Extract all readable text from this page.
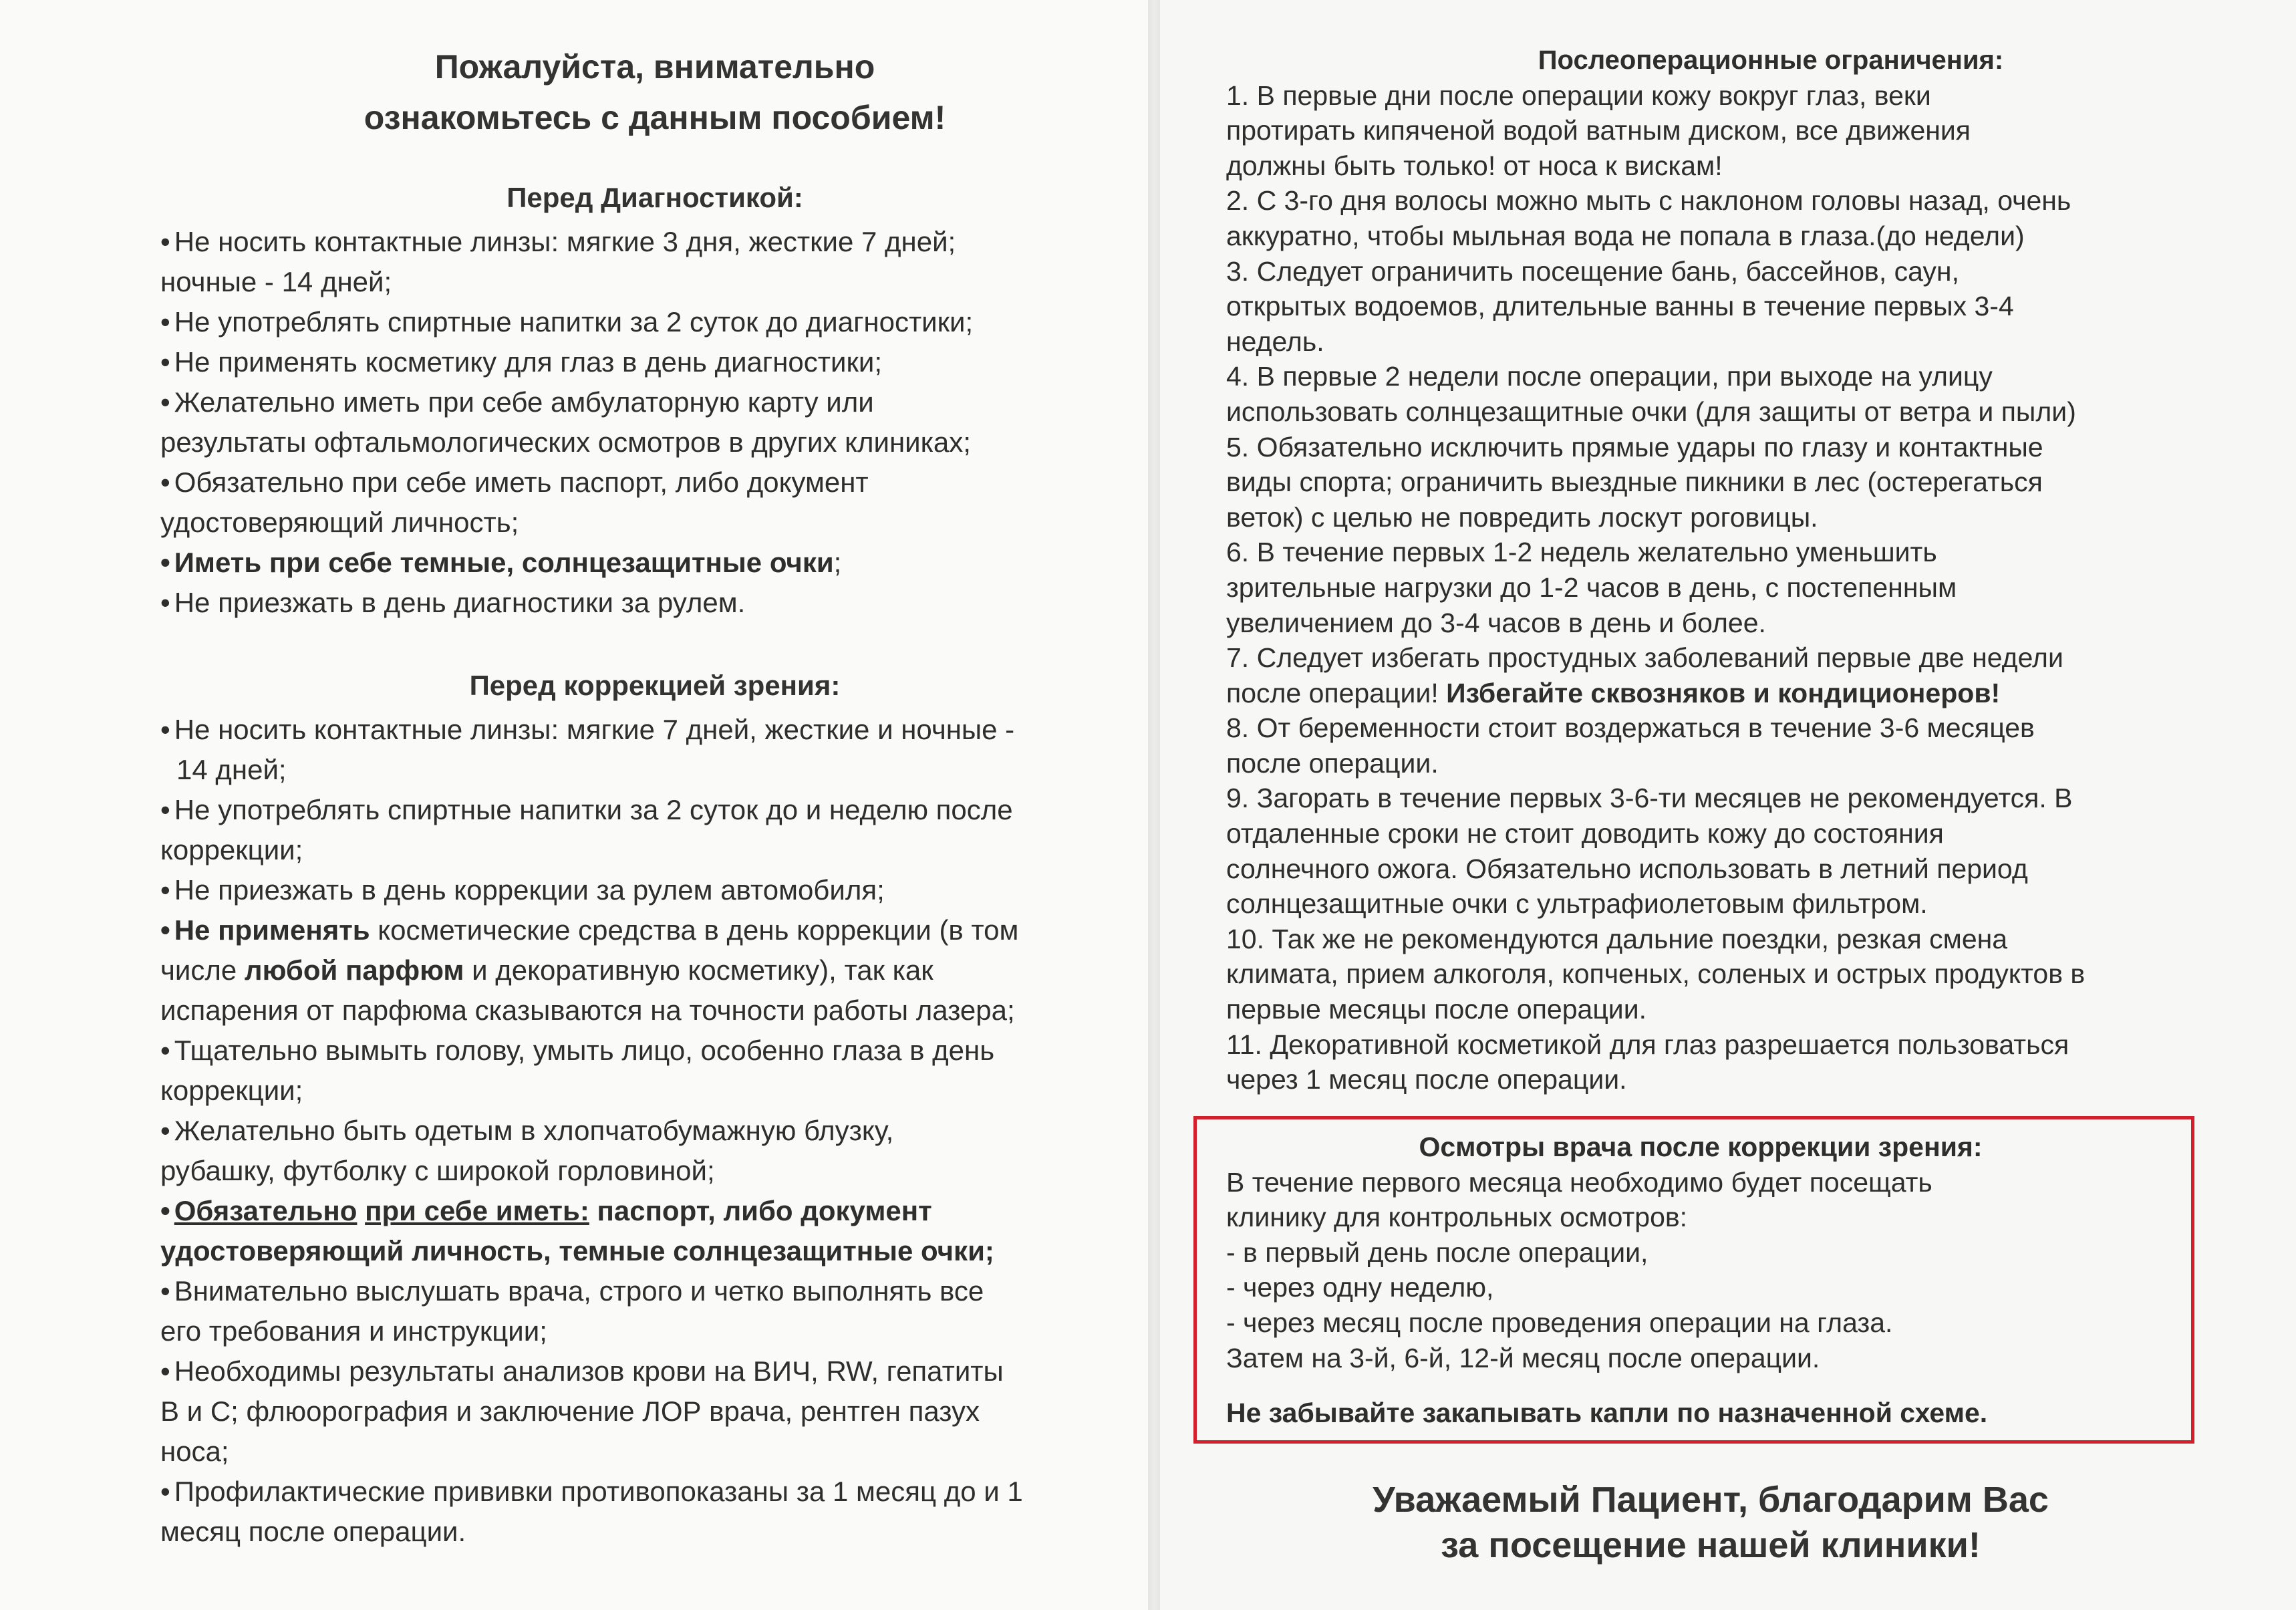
Пожалуйста, внимательно

ознакомьтесь с данным пособием!

Перед Диагностикой:
• Не носить контактные линзы: мягкие 3 дня, жесткие 7 дней;
ночные - 14 дней;
• Не употреблять спиртные напитки за 2 суток до диагностики;
• Не применять косметику для глаз в день диагностики;
• Желательно иметь при себе амбулаторную карту или
результаты офтальмологических осмотров в других клиниках;
• Обязательно при себе иметь паспорт, либо документ
удостоверяющий личность;
• Иметь при себе темные, солнцезащитные очки;
• Не приезжать в день диагностики за рулем.
Перед коррекцией зрения:
• Не носить контактные линзы: мягкие 7 дней, жесткие и ночные -
14 дней;
• Не употреблять спиртные напитки за 2 суток до и неделю после
коррекции;
• Не приезжать в день коррекции за рулем автомобиля;
• Не применять косметические средства в день коррекции (в том
числе любой парфюм и декоративную косметику), так как
испарения от парфюма сказываются на точности работы лазера;
• Тщательно вымыть голову, умыть лицо, особенно глаза в день
коррекции;
• Желательно быть одетым в хлопчатобумажную блузку,
рубашку, футболку с широкой горловиной;
• Обязательно при себе иметь: паспорт, либо документ
удостоверяющий личность, темные солнцезащитные очки;
• Внимательно выслушать врача, строго и четко выполнять все
его требования и инструкции;
• Необходимы результаты анализов крови на ВИЧ, RW, гепатиты
В и С; флюорография и заключение ЛОР врача, рентген пазух
носа;
• Профилактические прививки противопоказаны за 1 месяц до и 1
месяц после операции.

Послеоперационные ограничения:

1. В первые дни после операции кожу вокруг глаз, веки

протирать кипяченой водой ватным диском, все движения

должны быть только! от носа к вискам!

2. С 3-го дня волосы можно мыть с наклоном головы назад, очень

аккуратно, чтобы мыльная вода не попала в глаза.(до недели)

3. Следует ограничить посещение бань, бассейнов, саун,

открытых водоемов, длительные ванны в течение первых 3-4

недель.

4. В первые 2 недели после операции, при выходе на улицу

использовать солнцезащитные очки (для защиты от ветра и пыли)

5. Обязательно исключить прямые удары по глазу и контактные

виды спорта; ограничить выездные пикники в лес (остерегаться

веток) с целью не повредить лоскут роговицы.

6. В течение первых 1-2 недель желательно уменьшить

зрительные нагрузки до 1-2 часов в день, с постепенным

увеличением до 3-4 часов в день и более.

7. Следует избегать простудных заболеваний первые две недели

после операции! Избегайте сквозняков и кондиционеров!

8. От беременности стоит воздержаться в течение 3-6 месяцев

после операции.

9. Загорать в течение первых 3-6-ти месяцев не рекомендуется. В

отдаленные сроки не стоит доводить кожу до состояния

солнечного ожога. Обязательно использовать в летний период

солнцезащитные очки с ультрафиолетовым фильтром.

10. Так же не рекомендуются дальние поездки, резкая смена

климата, прием алкоголя, копченых, соленых и острых продуктов в

первые месяцы после операции.

11. Декоративной косметикой для глаз разрешается пользоваться

через 1 месяц после операции.

Осмотры врача после коррекции зрения:

В течение первого месяца необходимо будет посещать

клинику для контрольных осмотров:

- в первый день после операции,

- через одну неделю,

- через месяц после проведения операции на глаза.

Затем на 3-й, 6-й, 12-й месяц после операции.

Не забывайте закапывать капли по назначенной схеме.

Уважаемый Пациент, благодарим Вас

за посещение нашей клиники!
